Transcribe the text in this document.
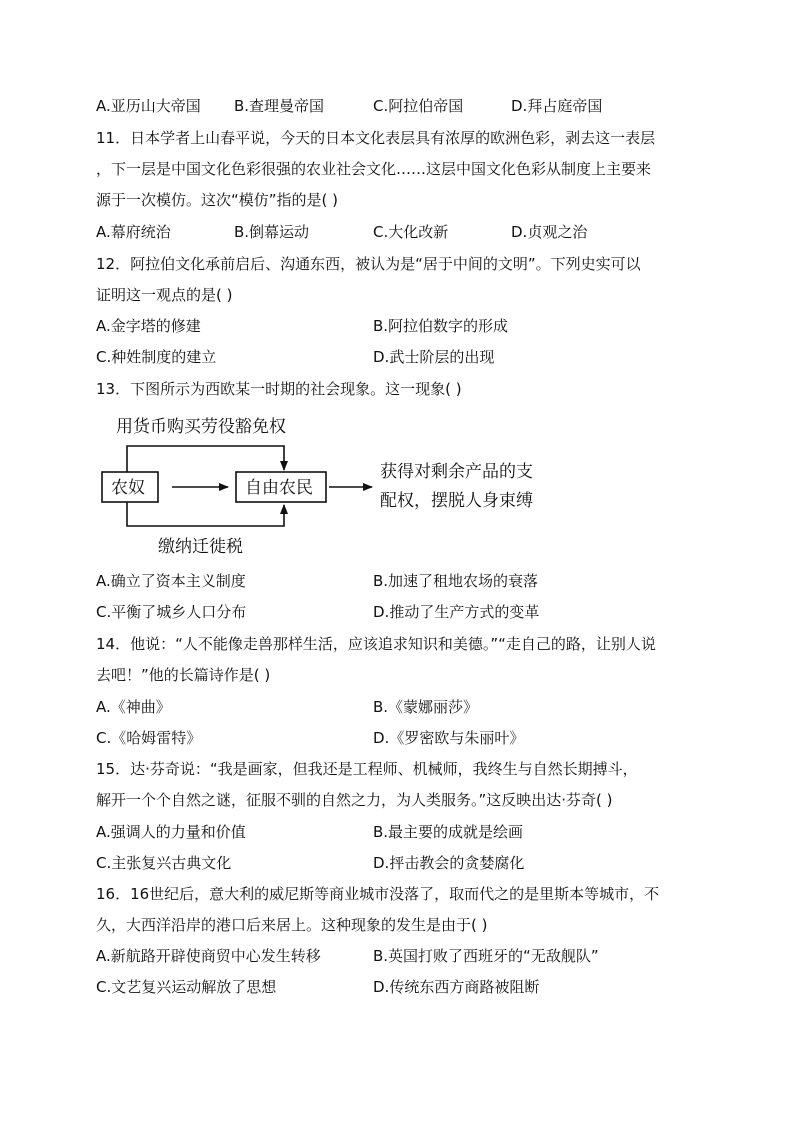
A.亚历山大帝国 B.查理曼帝国	C.阿拉伯帝国	D.拜占庭帝国
11．日本学者上山春平说，今天的日本文化表层具有浓厚的欧洲色彩，剥去这一表层
，下一层是中国文化色彩很强的农业社会文化……这层中国文化色彩从制度上主要来
源于一次模仿。这次“模仿”指的是( )
A.幕府统治	B.倒幕运动	C.大化改新	D.贞观之治
12．阿拉伯文化承前启后、沟通东西，被认为是“居于中间的文明”。下列史实可以
证明这一观点的是( )
A.金字塔的修建	B.阿拉伯数字的形成
C.种姓制度的建立	D.武士阶层的出现
13．下图所示为西欧某一时期的社会现象。这一现象( )
用货币购买劳役豁免权
农奴	自由农民
获得对剩余产品的支
配权，摆脱人身束缚
缴纳迁徙税
A.确立了资本主义制度	B.加速了租地农场的衰落
C.平衡了城乡人口分布	D.推动了生产方式的变革
14．他说：“人不能像走兽那样生活，应该追求知识和美德。”“走自己的路，让别人说
去吧！”他的长篇诗作是( )
A.《神曲》	B.《蒙娜丽莎》
C.《哈姆雷特》	D.《罗密欧与朱丽叶》
15．达·芬奇说：“我是画家，但我还是工程师、机械师，我终生与自然长期搏斗，
解开一个个自然之谜，征服不驯的自然之力，为人类服务。”这反映出达·芬奇( )
A.强调人的力量和价值	B.最主要的成就是绘画
C.主张复兴古典文化	D.抨击教会的贪婪腐化
16．16世纪后，意大利的威尼斯等商业城市没落了，取而代之的是里斯本等城市，不
久，大西洋沿岸的港口后来居上。这种现象的发生是由于( )
A.新航路开辟使商贸中心发生转移	B.英国打败了西班牙的“无敌舰队”
C.文艺复兴运动解放了思想	D.传统东西方商路被阻断
